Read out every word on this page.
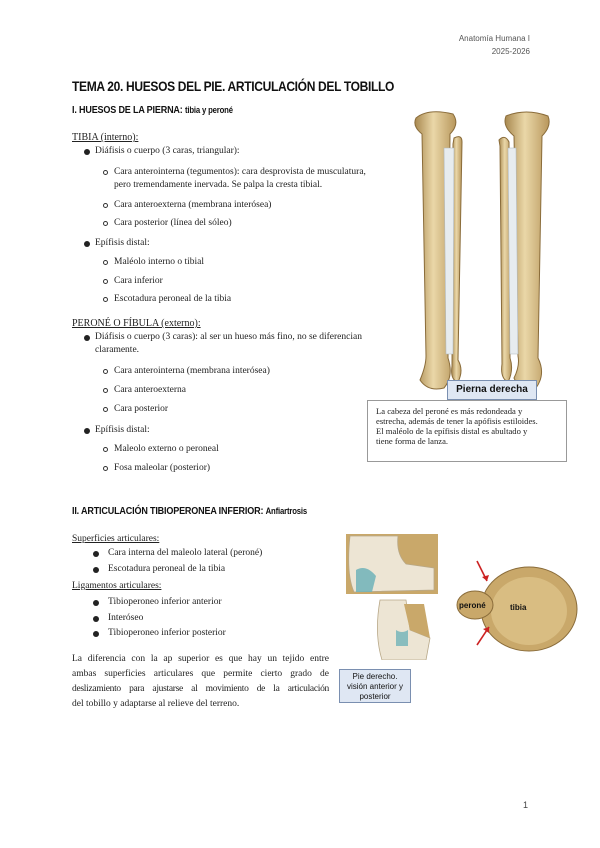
Anatomía Humana I
2025-2026
TEMA 20. HUESOS DEL PIE. ARTICULACIÓN DEL TOBILLO
I. HUESOS DE LA PIERNA: tibia y peroné
TIBIA (interno):
Diáfisis o cuerpo (3 caras, triangular):
Cara anterointerna (tegumentos): cara desprovista de musculatura,
pero tremendamente inervada. Se palpa la cresta tibial.
Cara anteroexterna (membrana interósea)
Cara posterior (línea del sóleo)
Epífisis distal:
Maléolo interno o tibial
Cara inferior
Escotadura peroneal de la tibia
PERONÉ O FÍBULA (externo):
Diáfisis o cuerpo (3 caras): al ser un hueso más fino, no se diferencian
claramente.
Cara anterointerna (membrana interósea)
Cara anteroexterna
Cara posterior
Epífisis distal:
Maleolo externo o peroneal
Fosa maleolar (posterior)
Pierna derecha
La cabeza del peroné es más redondeada y
estrecha, además de tener la apófisis estiloides.
El maléolo de la epífisis distal es abultado y
tiene forma de lanza.
II. ARTICULACIÓN TIBIOPERONEA INFERIOR: Anfiartrosis
Superficies articulares:
Cara interna del maleolo lateral (peroné)
Escotadura peroneal de la tibia
Ligamentos articulares:
Tibioperoneo inferior anterior
Interóseo
Tibioperoneo inferior posterior
La diferencia con la ap superior es que hay un tejido entre
ambas superficies articulares que permite cierto grado de
deslizamiento para ajustarse al movimiento de la articulación
del tobillo y adaptarse al relieve del terreno.
peroné	tibia
Pie derecho.
visión anterior y
posterior
1
